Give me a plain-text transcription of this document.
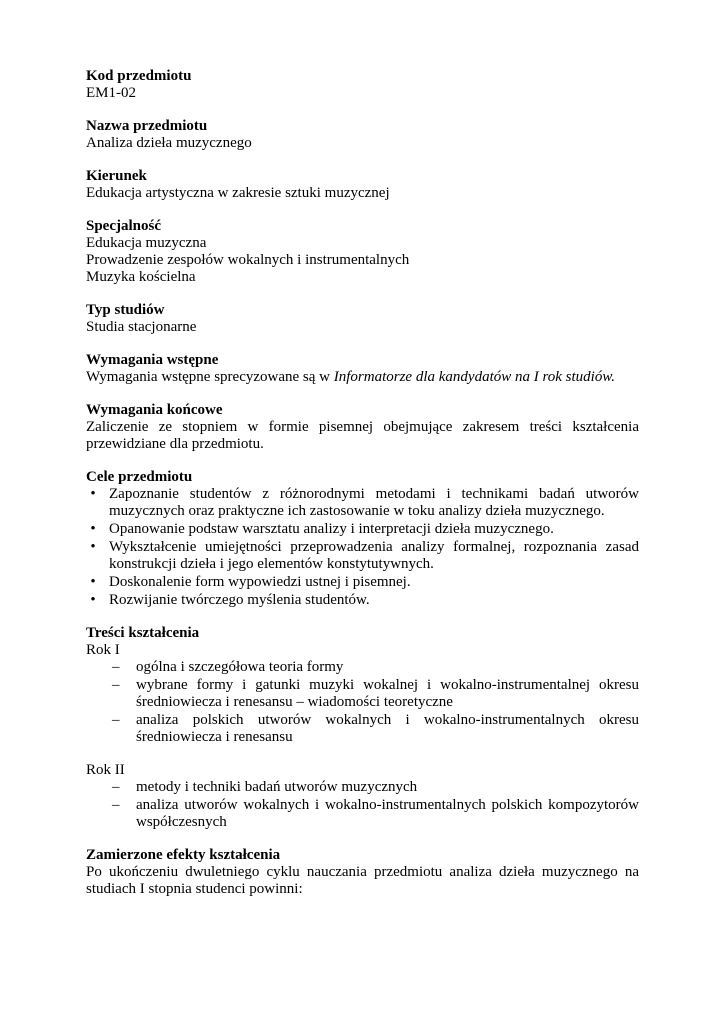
Kod przedmiotu
EM1-02
Nazwa przedmiotu
Analiza dzieła muzycznego
Kierunek
Edukacja artystyczna w zakresie sztuki muzycznej
Specjalność
Edukacja muzyczna
Prowadzenie zespołów wokalnych i instrumentalnych
Muzyka kościelna
Typ studiów
Studia stacjonarne
Wymagania wstępne
Wymagania wstępne sprecyzowane są w Informatorze dla kandydatów na I rok studiów.
Wymagania końcowe
Zaliczenie ze stopniem w formie pisemnej obejmujące zakresem treści kształcenia przewidziane dla przedmiotu.
Cele przedmiotu
• Zapoznanie studentów z różnorodnymi metodami i technikami badań utworów muzycznych oraz praktyczne ich zastosowanie w toku analizy dzieła muzycznego.
• Opanowanie podstaw warsztatu analizy i interpretacji dzieła muzycznego.
• Wykształcenie umiejętności przeprowadzenia analizy formalnej, rozpoznania zasad konstrukcji dzieła i jego elementów konstytutywnych.
• Doskonalenie form wypowiedzi ustnej i pisemnej.
• Rozwijanie twórczego myślenia studentów.
Treści kształcenia
Rok I
– ogólna i szczegółowa teoria formy
– wybrane formy i gatunki muzyki wokalnej i wokalno-instrumentalnej okresu średniowiecza i renesansu – wiadomości teoretyczne
– analiza polskich utworów wokalnych i wokalno-instrumentalnych okresu średniowiecza i renesansu
Rok II
– metody i techniki badań utworów muzycznych
– analiza utworów wokalnych i wokalno-instrumentalnych polskich kompozytorów współczesnych
Zamierzone efekty kształcenia
Po ukończeniu dwuletniego cyklu nauczania przedmiotu analiza dzieła muzycznego na studiach I stopnia studenci powinni:
